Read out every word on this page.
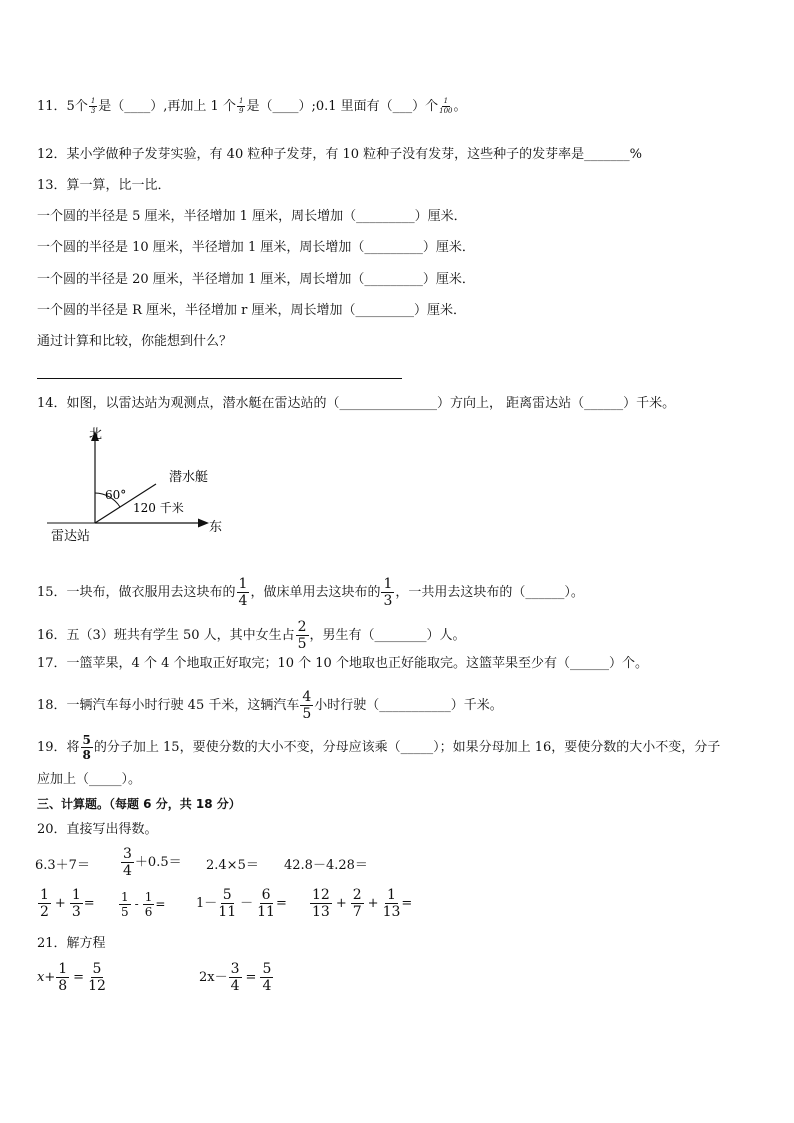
11．5个 $\frac{1}{3}$ 是（____）,再加上 1 个 $\frac{1}{9}$ 是（____）;0.1 里面有（___）个 $\frac{1}{100}$ 。
12．某小学做种子发芽实验，有 40 粒种子发芽，有 10 粒种子没有发芽，这些种子的发芽率是_______%
13．算一算，比一比．
一个圆的半径是 5 厘米，半径增加 1 厘米，周长增加（_________）厘米．
一个圆的半径是 10 厘米，半径增加 1 厘米，周长增加（_________）厘米．
一个圆的半径是 20 厘米，半径增加 1 厘米，周长增加（_________）厘米．
一个圆的半径是 R 厘米，半径增加 r 厘米，周长增加（_________）厘米．
通过计算和比较，你能想到什么？
14．如图，以雷达站为观测点，潜水艇在雷达站的（_______________）方向上， 距离雷达站（______）千米。
北
东
雷达站
潜水艇
60°
120 千米
15．一块布，做衣服用去这块布的 $\frac{1}{4}$ ，做床单用去这块布的 $\frac{1}{3}$ ，一共用去这块布的（______）。
16．五（3）班共有学生 50 人，其中女生占 $\frac{2}{5}$ ，男生有（________）人。
17．一篮苹果，4 个 4 个地取正好取完；10 个 10 个地取也正好能取完。这篮苹果至少有（______）个。
18．一辆汽车每小时行驶 45 千米，这辆汽车 $\frac{4}{5}$ 小时行驶（___________）千米。
19．将 $\frac{5}{8}$ 的分子加上 15，要使分数的大小不变，分母应该乘（_____）；如果分母加上 16，要使分数的大小不变，分子
应加上（_____）。
三、计算题。（每题 6 分，共 18 分）
20．直接写出得数。
$6.3+7= \frac{3}{4} +0.5= 2.4\times 5= 42.8-4.28=$
$\frac{1}{2} + \frac{1}{3} = \frac{1}{5} - \frac{1}{6} = 1- \frac{5}{11} - \frac{6}{11} = \frac{12}{13} + \frac{2}{7} + \frac{1}{13}$ =
21．解方程
$x+ \frac{1}{8} = \frac{5}{12}$	$2x- \frac{3}{4} = \frac{5}{4}$
